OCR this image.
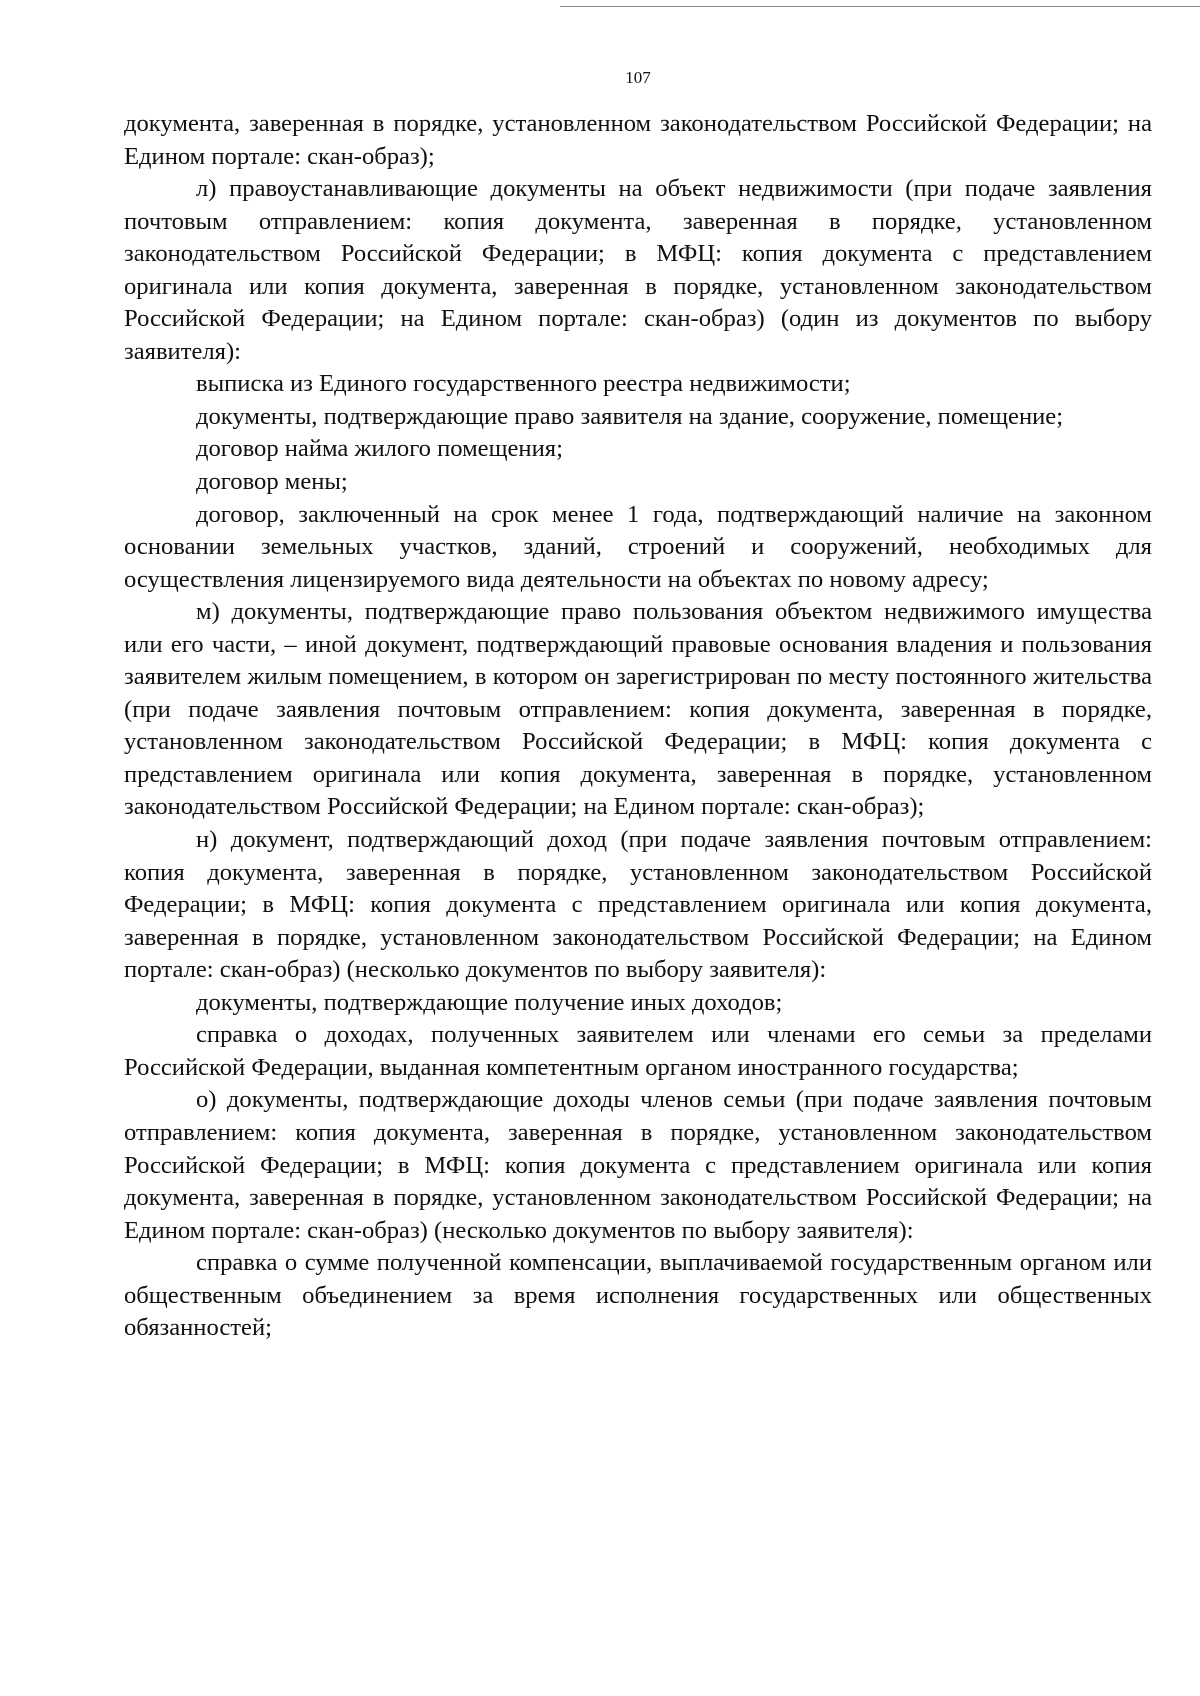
107

документа, заверенная в порядке, установленном законодательством Российской Федерации; на Едином портале: скан-образ);

л) правоустанавливающие документы на объект недвижимости (при подаче заявления почтовым отправлением: копия документа, заверенная в порядке, установленном законодательством Российской Федерации; в МФЦ: копия документа с представлением оригинала или копия документа, заверенная в порядке, установленном законодательством Российской Федерации; на Едином портале: скан-образ) (один из документов по выбору заявителя):

выписка из Единого государственного реестра недвижимости;

документы, подтверждающие право заявителя на здание, сооружение, помещение;

договор найма жилого помещения;

договор мены;

договор, заключенный на срок менее 1 года, подтверждающий наличие на законном основании земельных участков, зданий, строений и сооружений, необходимых для осуществления лицензируемого вида деятельности на объектах по новому адресу;

м) документы, подтверждающие право пользования объектом недвижимого имущества или его части, – иной документ, подтверждающий правовые основания владения и пользования заявителем жилым помещением, в котором он зарегистрирован по месту постоянного жительства (при подаче заявления почтовым отправлением: копия документа, заверенная в порядке, установленном законодательством Российской Федерации; в МФЦ: копия документа с представлением оригинала или копия документа, заверенная в порядке, установленном законодательством Российской Федерации; на Едином портале: скан-образ);

н) документ, подтверждающий доход (при подаче заявления почтовым отправлением: копия документа, заверенная в порядке, установленном законодательством Российской Федерации; в МФЦ: копия документа с представлением оригинала или копия документа, заверенная в порядке, установленном законодательством Российской Федерации; на Едином портале: скан-образ) (несколько документов по выбору заявителя):

документы, подтверждающие получение иных доходов;

справка о доходах, полученных заявителем или членами его семьи за пределами Российской Федерации, выданная компетентным органом иностранного государства;

о) документы, подтверждающие доходы членов семьи (при подаче заявления почтовым отправлением: копия документа, заверенная в порядке, установленном законодательством Российской Федерации; в МФЦ: копия документа с представлением оригинала или копия документа, заверенная в порядке, установленном законодательством Российской Федерации; на Едином портале: скан-образ) (несколько документов по выбору заявителя):

справка о сумме полученной компенсации, выплачиваемой государственным органом или общественным объединением за время исполнения государственных или общественных обязанностей;
